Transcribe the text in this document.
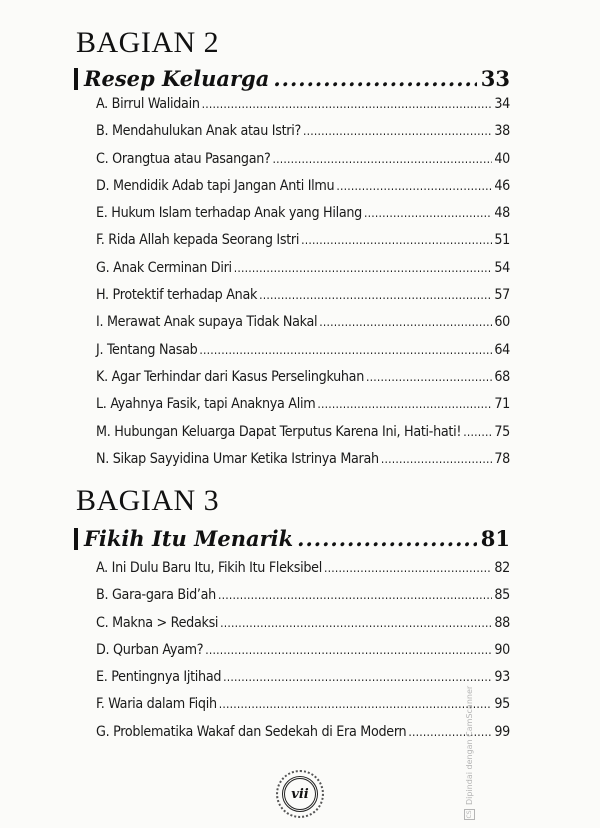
BAGIAN 2
Resep Keluarga .....	33
A. Birrul Walidain .....	34
B. Mendahulukan Anak atau Istri? .....	38
C. Orangtua atau Pasangan? .....	40
D. Mendidik Adab tapi Jangan Anti Ilmu .....	46
E. Hukum Islam terhadap Anak yang Hilang .....	48
F. Rida Allah kepada Seorang Istri .....	51
G. Anak Cerminan Diri .....	54
H. Protektif terhadap Anak .....	57
I. Merawat Anak supaya Tidak Nakal .....	60
J. Tentang Nasab .....	64
K. Agar Terhindar dari Kasus Perselingkuhan .....	68
L. Ayahnya Fasik, tapi Anaknya Alim .....	71
M. Hubungan Keluarga Dapat Terputus Karena Ini, Hati-hati! ..... 75
N. Sikap Sayyidina Umar Ketika Istrinya Marah .....	78
BAGIAN 3
Fikih Itu Menarik .....	81
A. Ini Dulu Baru Itu, Fikih Itu Fleksibel .....	82
B. Gara-gara Bid’ah .....	85
C. Makna > Redaksi .....	88
D. Qurban Ayam? .....	90
E. Pentingnya Ijtihad .....	93
F. Waria dalam Fiqih .....	95
G. Problematika Wakaf dan Sedekah di Era Modern .....	99
vii
CS
Dipindai dengan CamScanner
